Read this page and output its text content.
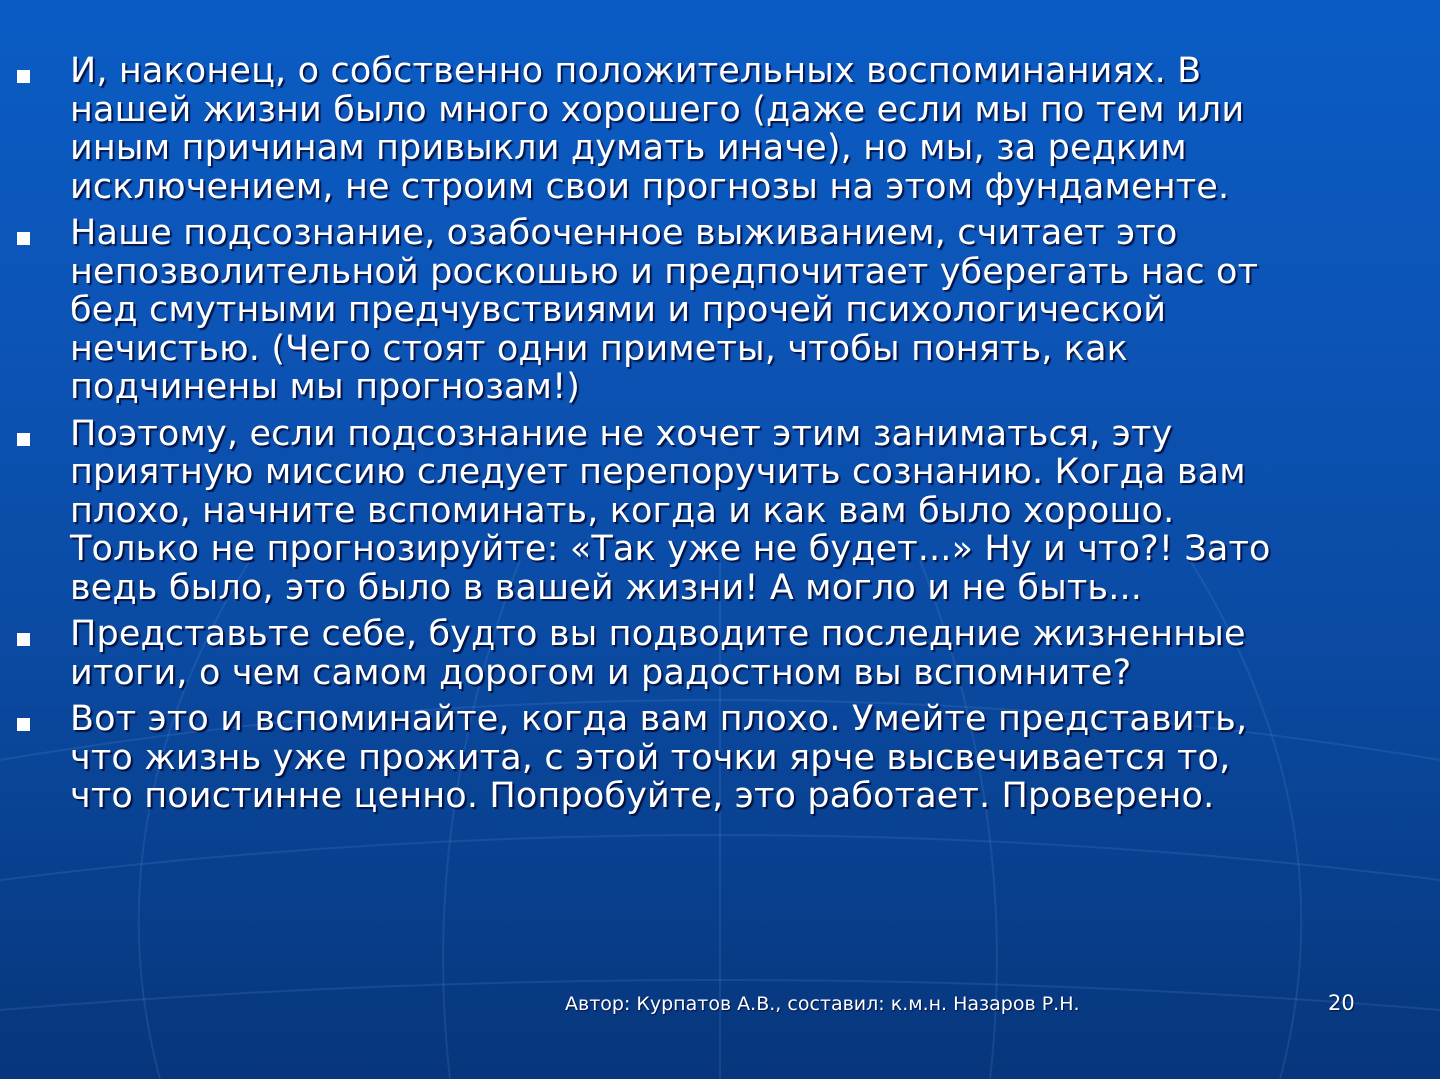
И, наконец, о собственно положительных воспоминаниях. В
нашей жизни было много хорошего (даже если мы по тем или
иным причинам привыкли думать иначе), но мы, за редким
исключением, не строим свои прогнозы на этом фундаменте.
Наше подсознание, озабоченное выживанием, считает это
непозволительной роскошью и предпочитает уберегать нас от
бед смутными предчувствиями и прочей психологической
нечистью. (Чего стоят одни приметы, чтобы понять, как
подчинены мы прогнозам!)
Поэтому, если подсознание не хочет этим заниматься, эту
приятную миссию следует перепоручить сознанию. Когда вам
плохо, начните вспоминать, когда и как вам было хорошо.
Только не прогнозируйте: «Так уже не будет...» Ну и что?! Зато
ведь было, это было в вашей жизни! А могло и не быть...
Представьте себе, будто вы подводите последние жизненные
итоги, о чем самом дорогом и радостном вы вспомните?
Вот это и вспоминайте, когда вам плохо. Умейте представить,
что жизнь уже прожита, с этой точки ярче высвечивается то,
что поистинне ценно. Попробуйте, это работает. Проверено.
Автор: Курпатов А.В., составил: к.м.н. Назаров Р.Н.	20
